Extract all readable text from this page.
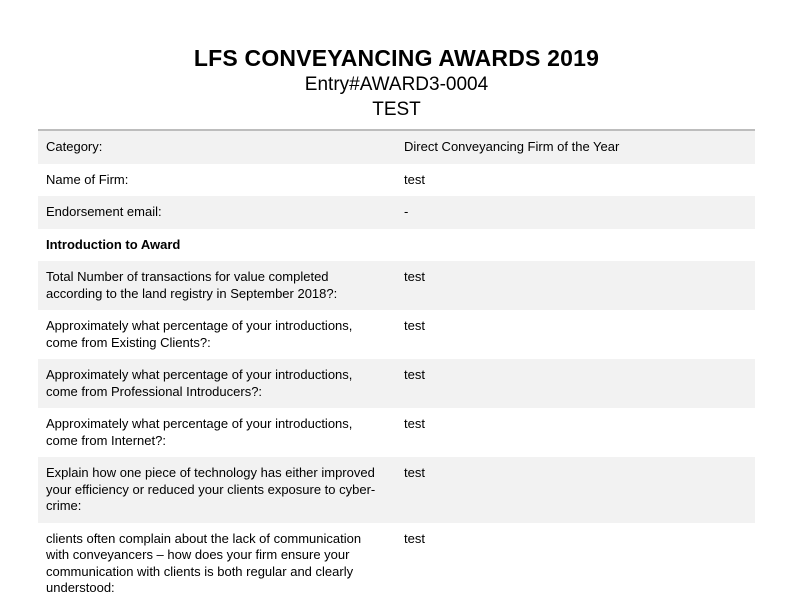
LFS CONVEYANCING AWARDS 2019
Entry#AWARD3-0004
TEST
Category:	Direct Conveyancing Firm of the Year
Name of Firm:	test
Endorsement email:	-
Introduction to Award
Total Number of transactions for value completed according to the land registry in September 2018?:
test
Approximately what percentage of your introductions, come from Existing Clients?:
test
Approximately what percentage of your introductions, come from Professional Introducers?:
test
Approximately what percentage of your introductions, come from Internet?:
test
Explain how one piece of technology has either improved your efficiency or reduced your clients exposure to cyber-crime:
test
clients often complain about the lack of communication with conveyancers – how does your firm ensure your communication with clients is both regular and clearly understood:
test
